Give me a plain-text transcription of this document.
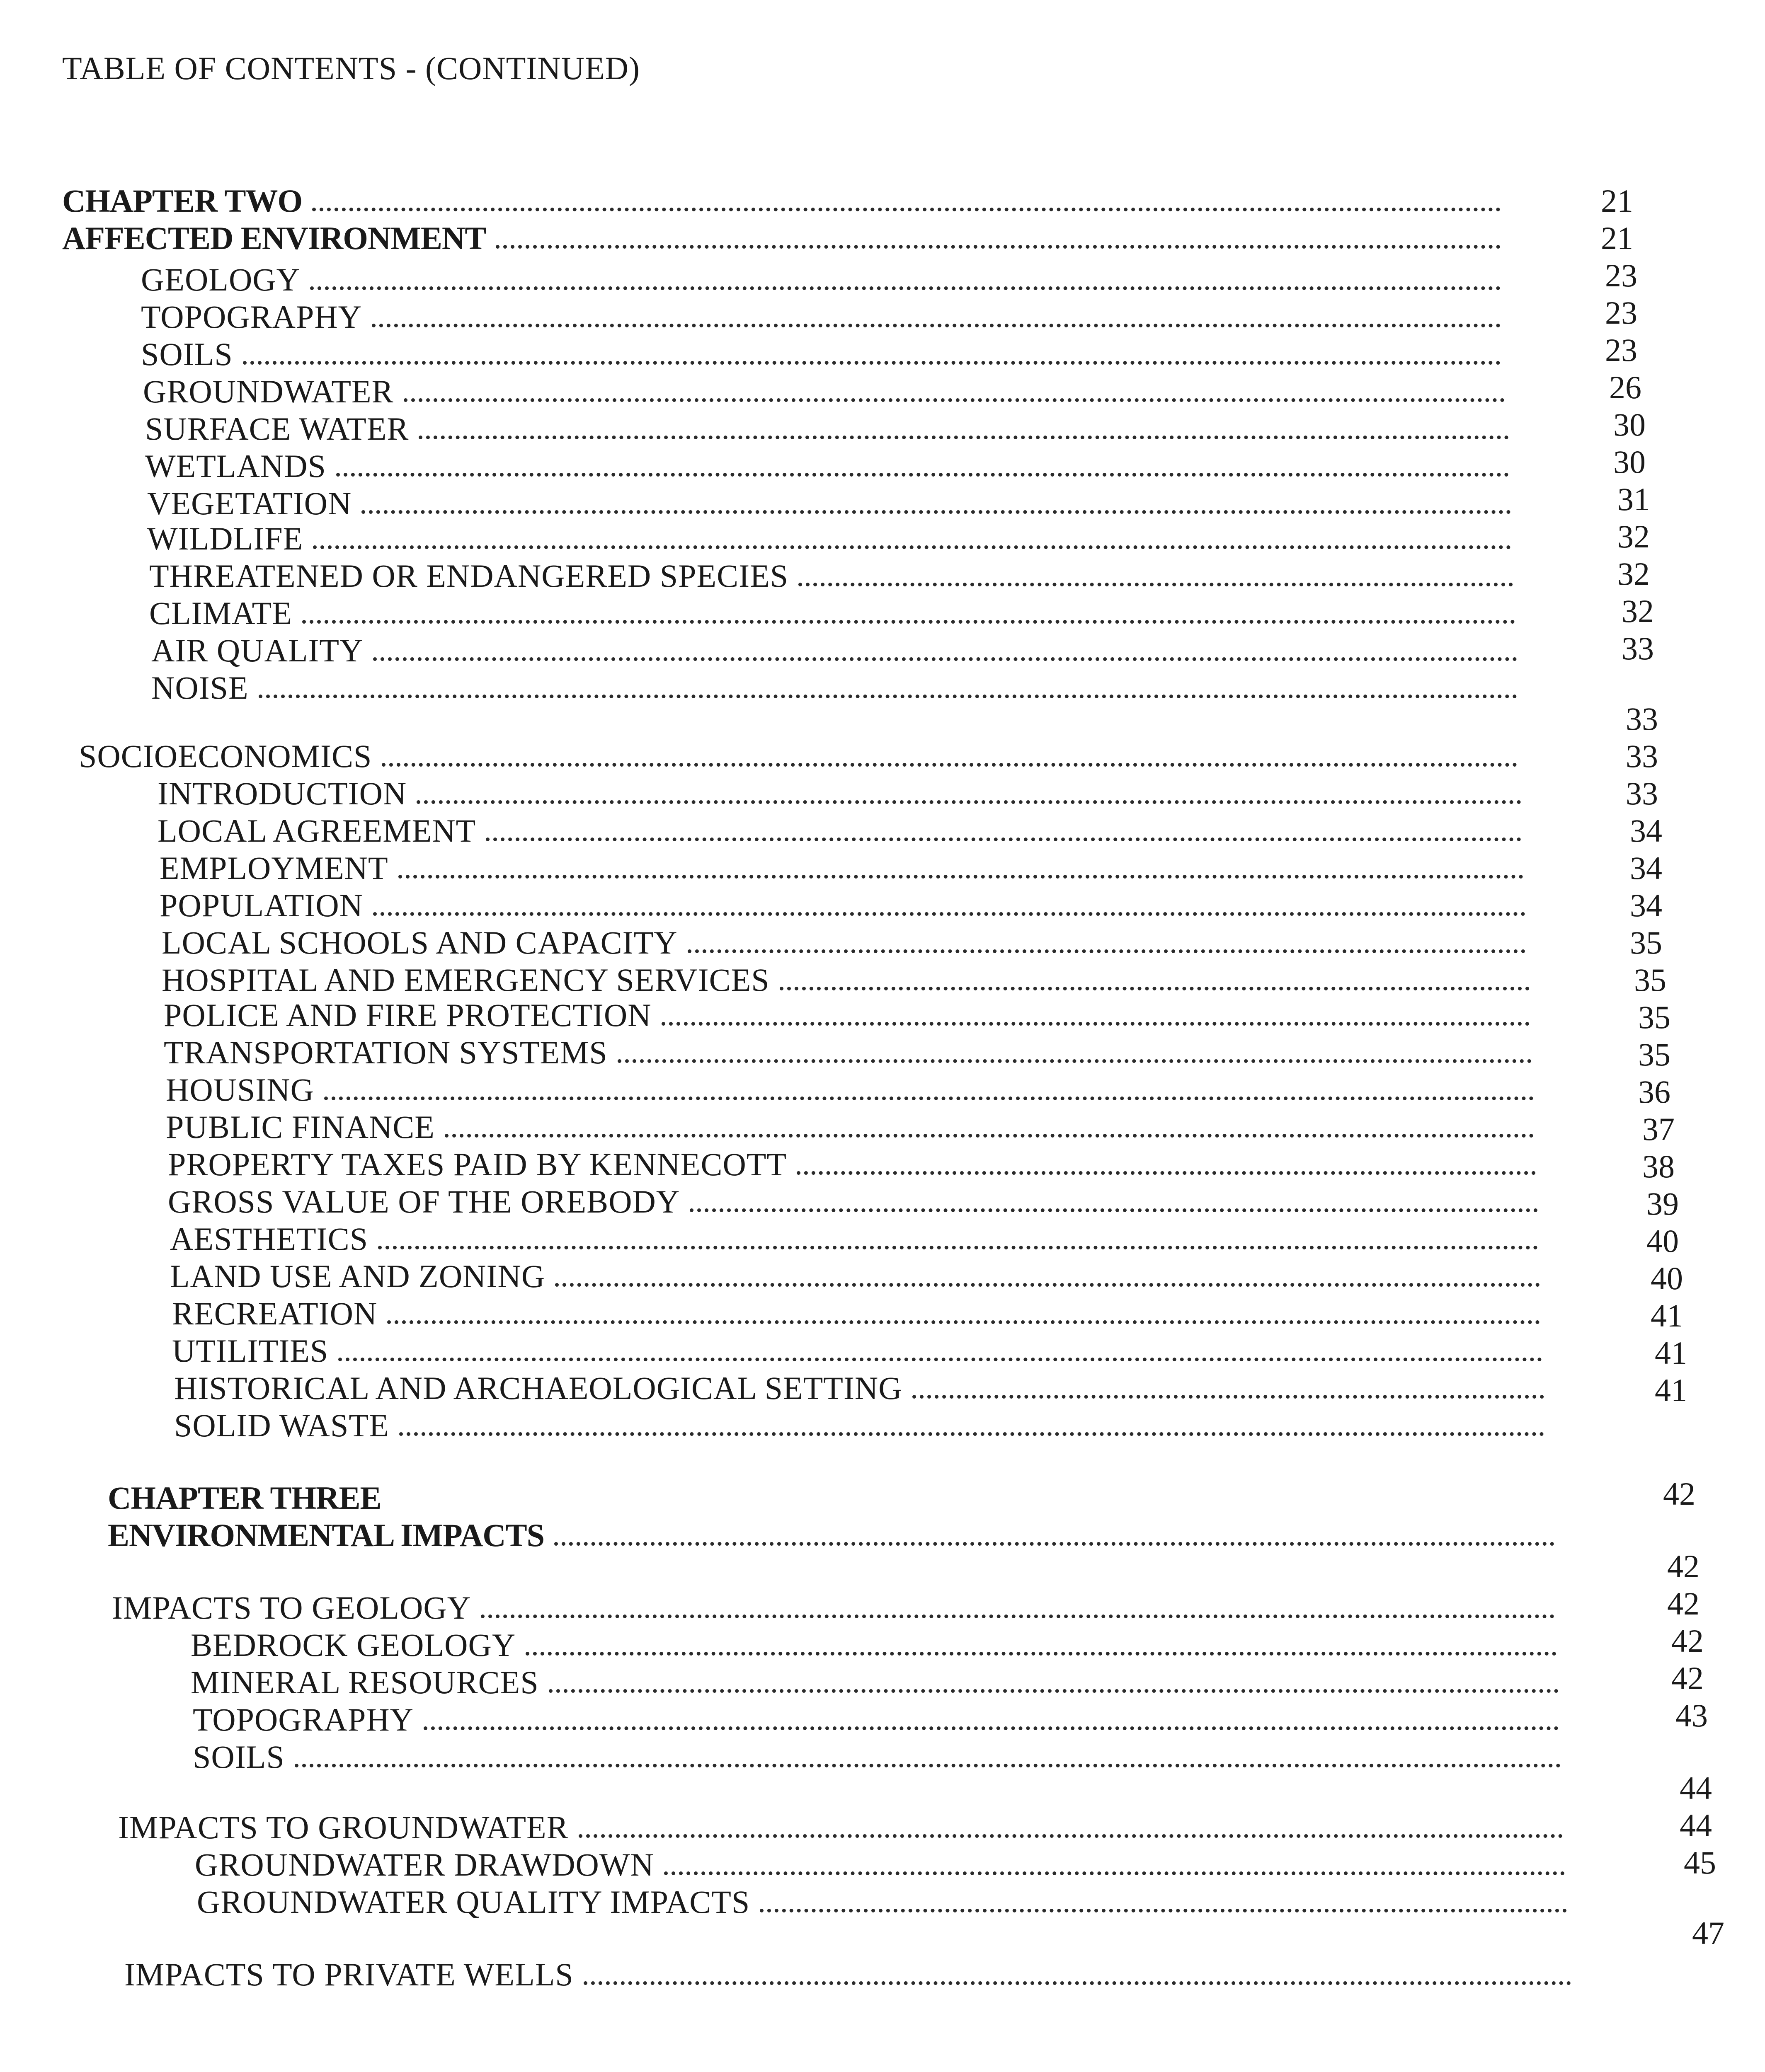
TABLE OF CONTENTS - (CONTINUED)
CHAPTER TWO
AFFECTED ENVIRONMENT
GEOLOGY
TOPOGRAPHY
SOILS
GROUNDWATER
SURFACE WATER
WETLANDS
VEGETATION
WILDLIFE
THREATENED OR ENDANGERED SPECIES
CLIMATE
AIR QUALITY
NOISE
SOCIOECONOMICS
INTRODUCTION
LOCAL AGREEMENT
EMPLOYMENT
POPULATION
LOCAL SCHOOLS AND CAPACITY
HOSPITAL AND EMERGENCY SERVICES
POLICE AND FIRE PROTECTION
TRANSPORTATION SYSTEMS
HOUSING
PUBLIC FINANCE
PROPERTY TAXES PAID BY KENNECOTT
GROSS VALUE OF THE OREBODY
AESTHETICS
LAND USE AND ZONING
RECREATION
UTILITIES
HISTORICAL AND ARCHAEOLOGICAL SETTING
SOLID WASTE
CHAPTER THREE
ENVIRONMENTAL IMPACTS
IMPACTS TO GEOLOGY
BEDROCK GEOLOGY
MINERAL RESOURCES
TOPOGRAPHY
SOILS
IMPACTS TO GROUNDWATER
GROUNDWATER DRAWDOWN
GROUNDWATER QUALITY IMPACTS
IMPACTS TO PRIVATE WELLS
21
21
23
23
23
26
30
30
31
32
32
32
33
33
33
33
34
34
34
35
35
35
35
36
37
38
39
40
40
41
41
41
42
42
42
42
42
43
44
44
45
47
